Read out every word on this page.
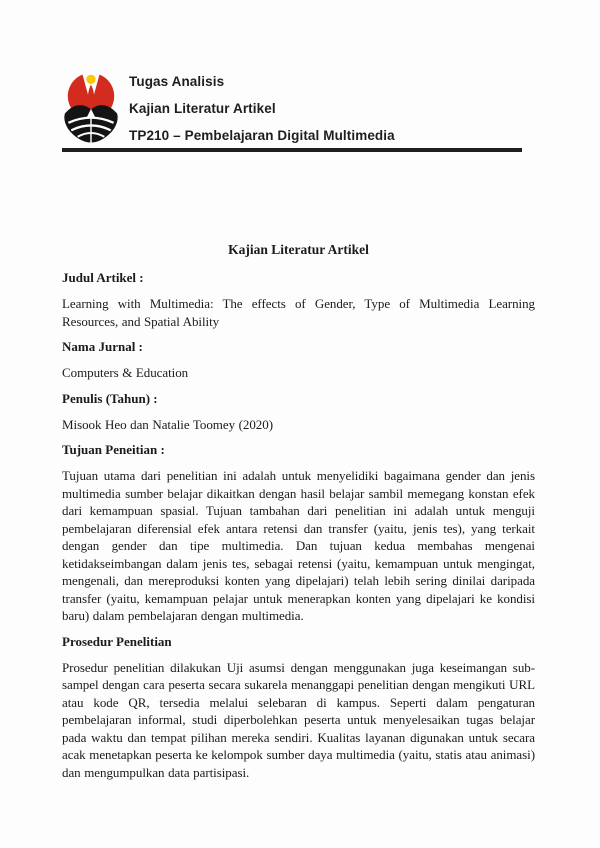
Tugas Analisis
Kajian Literatur Artikel
TP210 – Pembelajaran Digital Multimedia
Kajian Literatur Artikel
Judul Artikel :

Learning with Multimedia: The effects of Gender, Type of Multimedia Learning Resources, and Spatial Ability

Nama Jurnal :

Computers & Education

Penulis (Tahun) :

Misook Heo dan Natalie Toomey (2020)

Tujuan Peneitian :

Tujuan utama dari penelitian ini adalah untuk menyelidiki bagaimana gender dan jenis multimedia sumber belajar dikaitkan dengan hasil belajar sambil memegang konstan efek dari kemampuan spasial. Tujuan tambahan dari penelitian ini adalah untuk menguji pembelajaran diferensial efek antara retensi dan transfer (yaitu, jenis tes), yang terkait dengan gender dan tipe multimedia. Dan tujuan kedua membahas mengenai ketidakseimbangan dalam jenis tes, sebagai retensi (yaitu, kemampuan untuk mengingat, mengenali, dan mereproduksi konten yang dipelajari) telah lebih sering dinilai daripada transfer (yaitu, kemampuan pelajar untuk menerapkan konten yang dipelajari ke kondisi baru) dalam pembelajaran dengan multimedia.

Prosedur Penelitian

Prosedur penelitian dilakukan Uji asumsi dengan menggunakan juga keseimangan sub-sampel dengan cara peserta secara sukarela menanggapi penelitian dengan mengikuti URL atau kode QR, tersedia melalui selebaran di kampus. Seperti dalam pengaturan pembelajaran informal, studi diperbolehkan peserta untuk menyelesaikan tugas belajar pada waktu dan tempat pilihan mereka sendiri. Kualitas layanan digunakan untuk secara acak menetapkan peserta ke kelompok sumber daya multimedia (yaitu, statis atau animasi) dan mengumpulkan data partisipasi.
